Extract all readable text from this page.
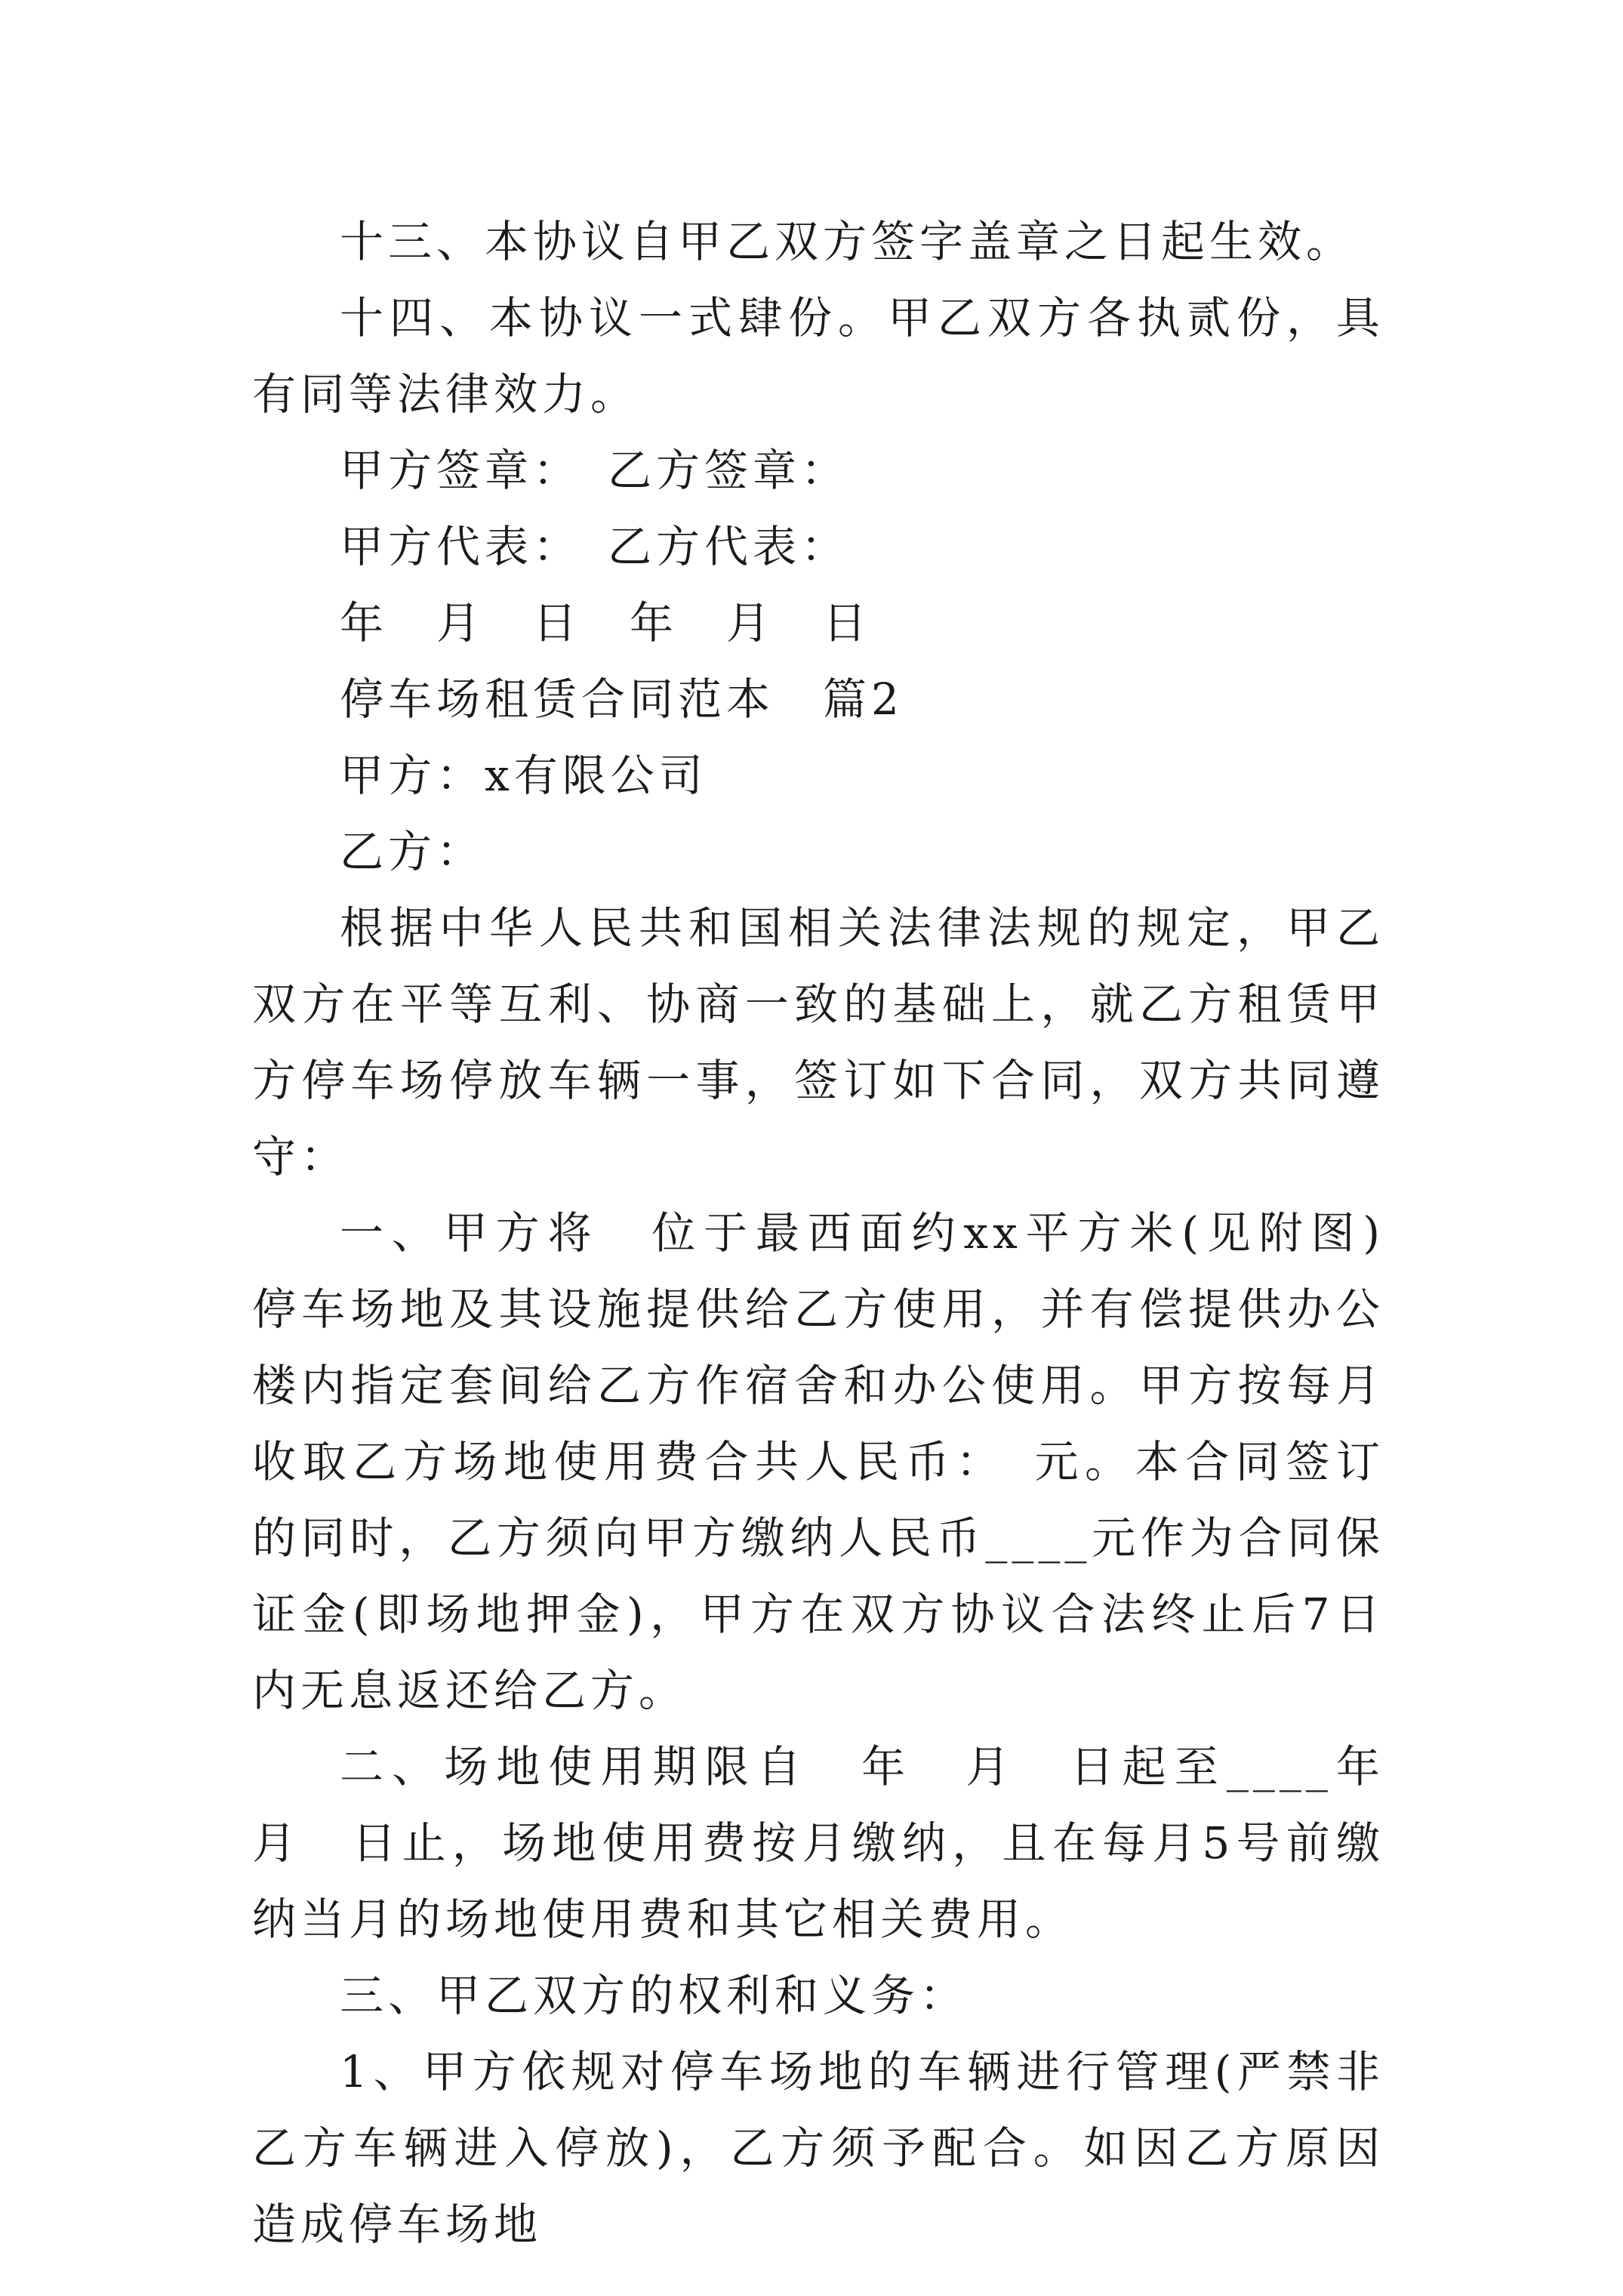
十三、本协议自甲乙双方签字盖章之日起生效。

十四、本协议一式肆份。甲乙双方各执贰份，具有同等法律效力。

甲方签章：　乙方签章：

甲方代表：　乙方代表：

年　月　日　年　月　日

停车场租赁合同范本　篇2

甲方：x有限公司

乙方：

根据中华人民共和国相关法律法规的规定，甲乙双方在平等互利、协商一致的基础上，就乙方租赁甲方停车场停放车辆一事，签订如下合同，双方共同遵守：

一、甲方将　位于最西面约xx平方米(见附图)　停车场地及其设施提供给乙方使用，并有偿提供办公楼内指定套间给乙方作宿舍和办公使用。甲方按每月收取乙方场地使用费合共人民币：　元。本合同签订的同时，乙方须向甲方缴纳人民币____元作为合同保证金(即场地押金)，甲方在双方协议合法终止后7日内无息返还给乙方。

二、场地使用期限自　年　月　日起至____年　月　日止，场地使用费按月缴纳，且在每月5号前缴纳当月的场地使用费和其它相关费用。

三、甲乙双方的权利和义务：

1、甲方依规对停车场地的车辆进行管理(严禁非乙方车辆进入停放)，乙方须予配合。如因乙方原因造成停车场地
